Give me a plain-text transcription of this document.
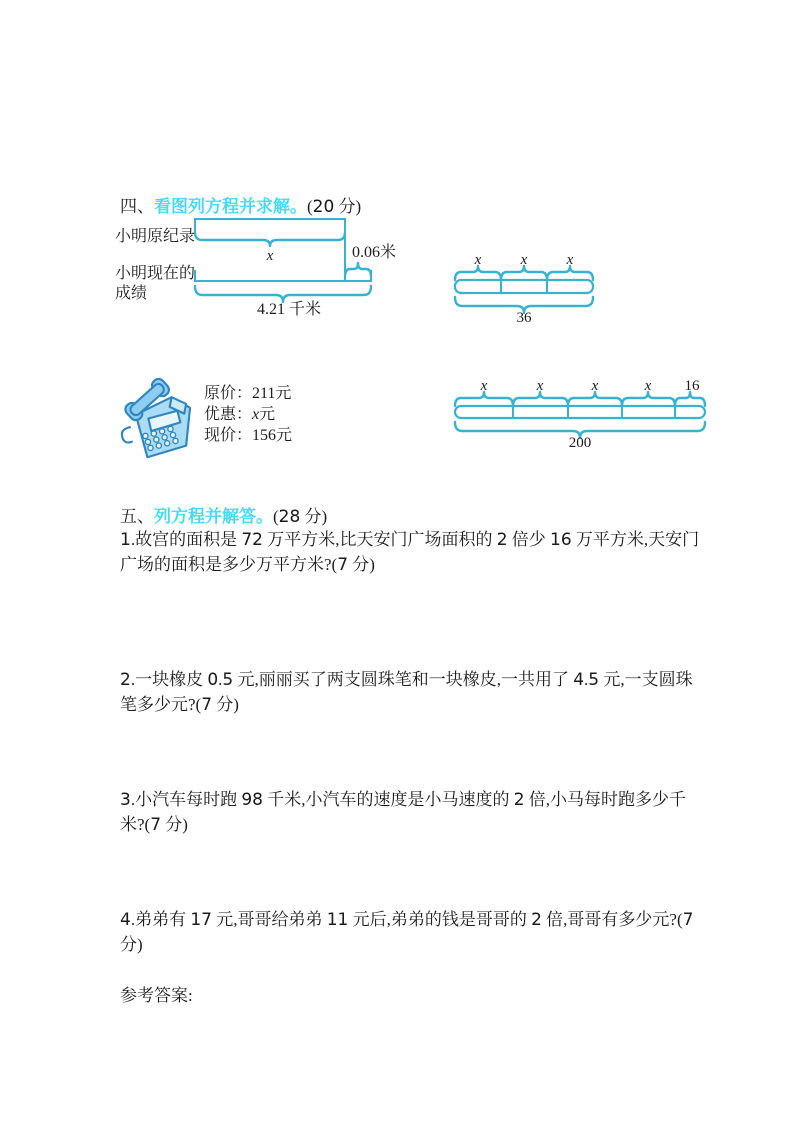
四、看图列方程并求解。(20 分)
小明原纪录
小明现在的
成绩
x	0.06米
4.21 千米
x	x	x
36
原价：211元
优惠：x元
现价：156元
x	x	x	x 16
200
五、列方程并解答。(28 分)

1.故宫的面积是 72 万平方米,比天安门广场面积的 2 倍少 16 万平方米,天安门广场的面积是多少万平方米?(7 分)

2.一块橡皮 0.5 元,丽丽买了两支圆珠笔和一块橡皮,一共用了 4.5 元,一支圆珠笔多少元?(7 分)

3.小汽车每时跑 98 千米,小汽车的速度是小马速度的 2 倍,小马每时跑多少千米?(7 分)

4.弟弟有 17 元,哥哥给弟弟 11 元后,弟弟的钱是哥哥的 2 倍,哥哥有多少元?(7 分)

参考答案:
